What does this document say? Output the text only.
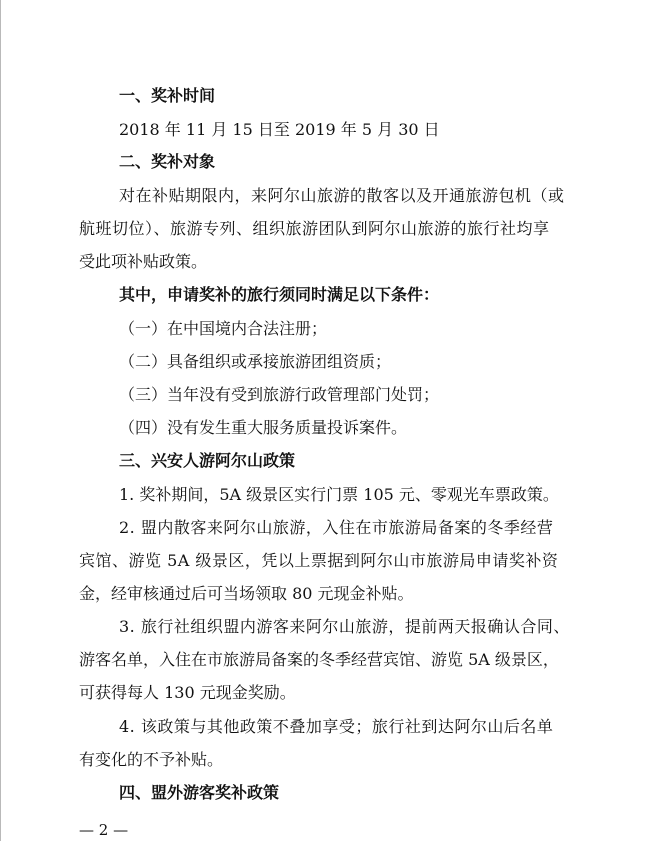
一、奖补时间
2018 年 11 月 15 日至 2019 年 5 月 30 日
二、奖补对象
对在补贴期限内，来阿尔山旅游的散客以及开通旅游包机（或
航班切位）、旅游专列、组织旅游团队到阿尔山旅游的旅行社均享
受此项补贴政策。
其中，申请奖补的旅行须同时满足以下条件：
（一）在中国境内合法注册；
（二）具备组织或承接旅游团组资质；
（三）当年没有受到旅游行政管理部门处罚；
（四）没有发生重大服务质量投诉案件。
三、兴安人游阿尔山政策
1. 奖补期间，5A 级景区实行门票 105 元、零观光车票政策。
2. 盟内散客来阿尔山旅游，入住在市旅游局备案的冬季经营
宾馆、游览 5A 级景区，凭以上票据到阿尔山市旅游局申请奖补资
金，经审核通过后可当场领取 80 元现金补贴。
3. 旅行社组织盟内游客来阿尔山旅游，提前两天报确认合同、
游客名单，入住在市旅游局备案的冬季经营宾馆、游览 5A 级景区，
可获得每人 130 元现金奖励。
4. 该政策与其他政策不叠加享受；旅行社到达阿尔山后名单
有变化的不予补贴。
四、盟外游客奖补政策
— 2 —
